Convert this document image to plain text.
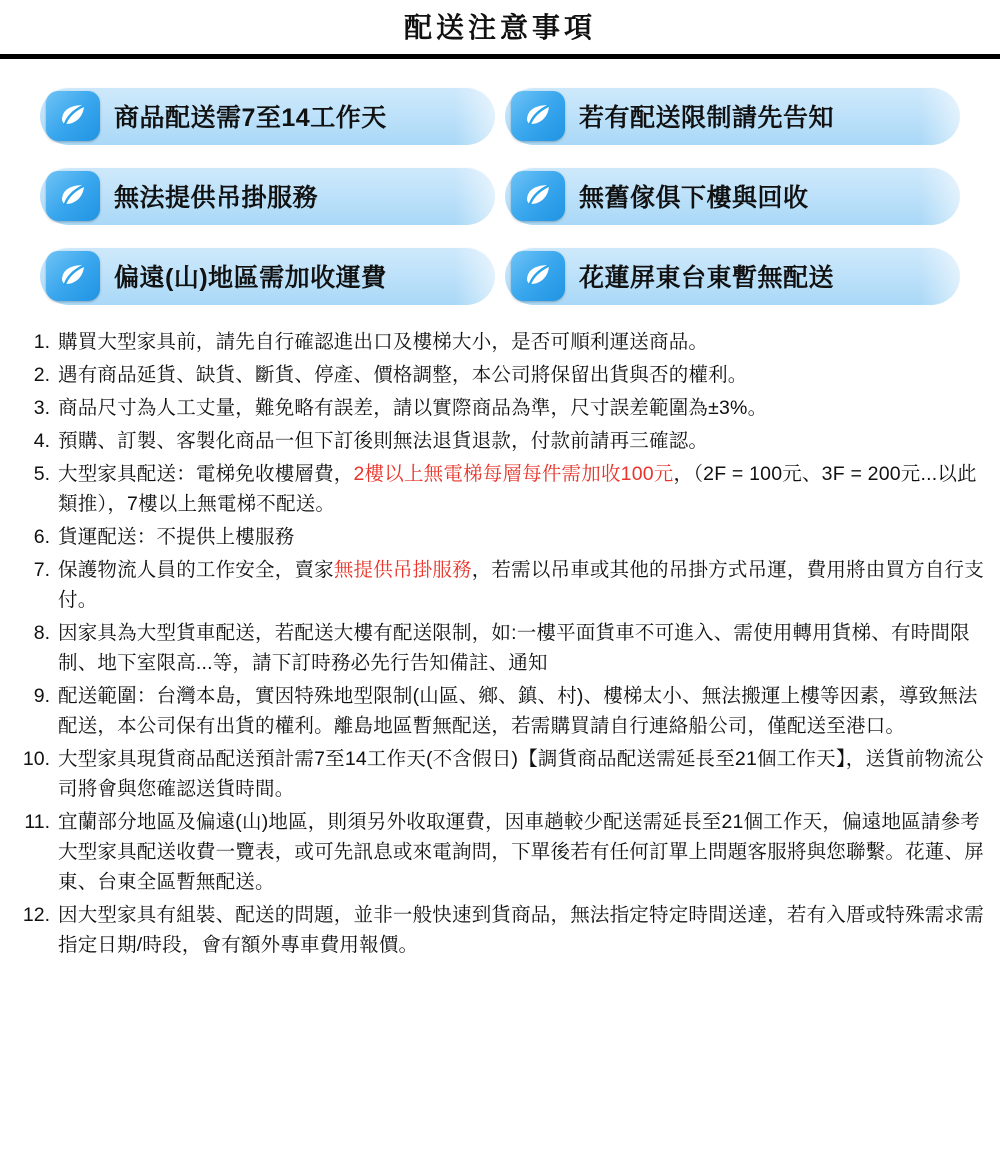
配送注意事項
商品配送需7至14工作天	若有配送限制請先告知
無法提供吊掛服務	無舊傢俱下樓與回收
偏遠(山)地區需加收運費	花蓮屏東台東暫無配送
1. 購買大型家具前，請先自行確認進出口及樓梯大小，是否可順利運送商品。
2. 遇有商品延貨、缺貨、斷貨、停產、價格調整，本公司將保留出貨與否的權利。
3. 商品尺寸為人工丈量，難免略有誤差，請以實際商品為準，尺寸誤差範圍為±3%。
4. 預購、訂製、客製化商品一但下訂後則無法退貨退款，付款前請再三確認。
5. 大型家具配送：電梯免收樓層費，2樓以上無電梯每層每件需加收100元，（2F = 100元、3F = 200元...以此類推），7樓以上無電梯不配送。
6. 貨運配送：不提供上樓服務
7. 保護物流人員的工作安全，賣家無提供吊掛服務，若需以吊車或其他的吊掛方式吊運，費用將由買方自行支付。
8. 因家具為大型貨車配送，若配送大樓有配送限制，如:一樓平面貨車不可進入、需使用轉用貨梯、有時間限制、地下室限高...等，請下訂時務必先行告知備註、通知
9. 配送範圍：台灣本島，實因特殊地型限制(山區、鄉、鎮、村)、樓梯太小、無法搬運上樓等因素，導致無法配送，本公司保有出貨的權利。離島地區暫無配送，若需購買請自行連絡船公司，僅配送至港口。
10. 大型家具現貨商品配送預計需7至14工作天(不含假日)【調貨商品配送需延長至21個工作天】，送貨前物流公司將會與您確認送貨時間。
11. 宜蘭部分地區及偏遠(山)地區，則須另外收取運費，因車趟較少配送需延長至21個工作天，偏遠地區請參考大型家具配送收費一覽表，或可先訊息或來電詢問，下單後若有任何訂單上問題客服將與您聯繫。花蓮、屏東、台東全區暫無配送。
12. 因大型家具有組裝、配送的問題，並非一般快速到貨商品，無法指定特定時間送達，若有入厝或特殊需求需指定日期/時段，會有額外專車費用報價。
